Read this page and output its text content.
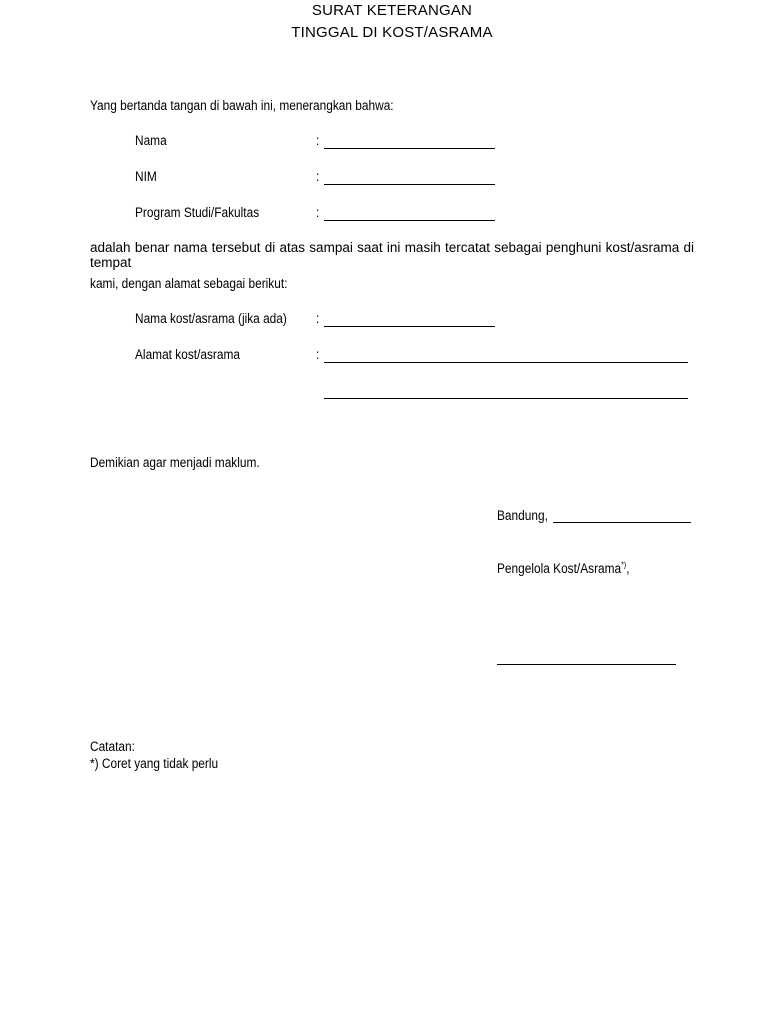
SURAT KETERANGAN
TINGGAL DI KOST/ASRAMA
Yang bertanda tangan di bawah ini, menerangkan bahwa:
Nama	:
NIM	:
Program Studi/Fakultas	:
adalah benar nama tersebut di atas sampai saat ini masih tercatat sebagai penghuni kost/asrama di tempat
kami, dengan alamat sebagai berikut:
Nama kost/asrama (jika ada) :
Alamat kost/asrama	:
Demikian agar menjadi maklum.
Bandung,
Pengelola Kost/Asrama*),
Catatan:
*) Coret yang tidak perlu
